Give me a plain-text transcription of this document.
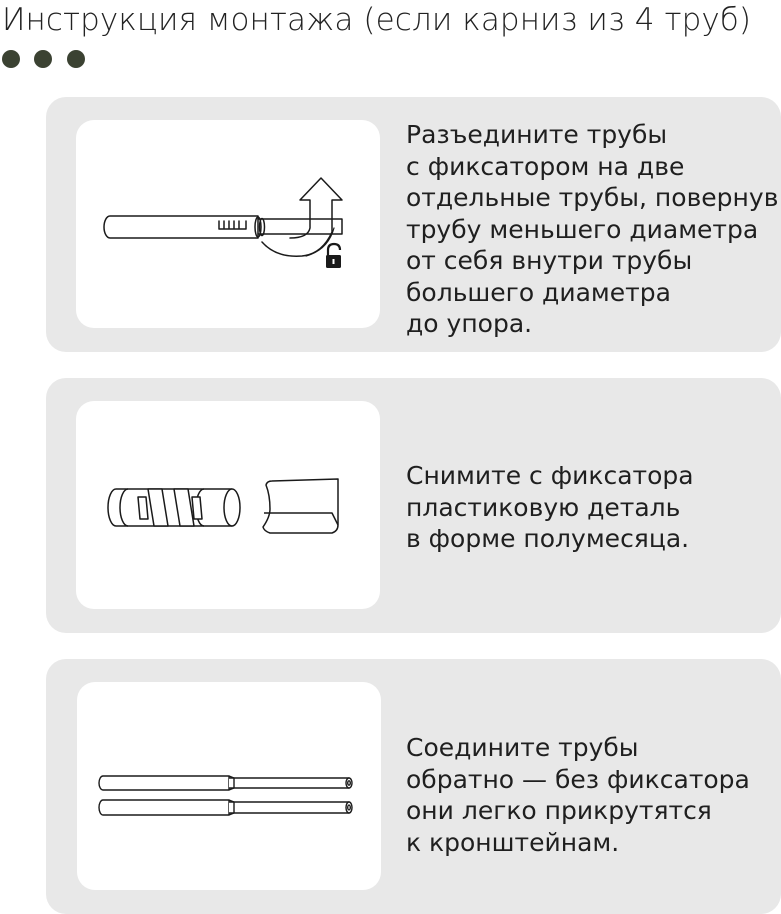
Инструкция монтажа (если карниз из 4 труб)
Разъедините трубы
с фиксатором на две
отдельные трубы, повернув
трубу меньшего диаметра
от себя внутри трубы
большего диаметра
до упора.
Снимите с фиксатора
пластиковую деталь
в форме полумесяца.
Соедините трубы
обратно — без фиксатора
они легко прикрутятся
к кронштейнам.
